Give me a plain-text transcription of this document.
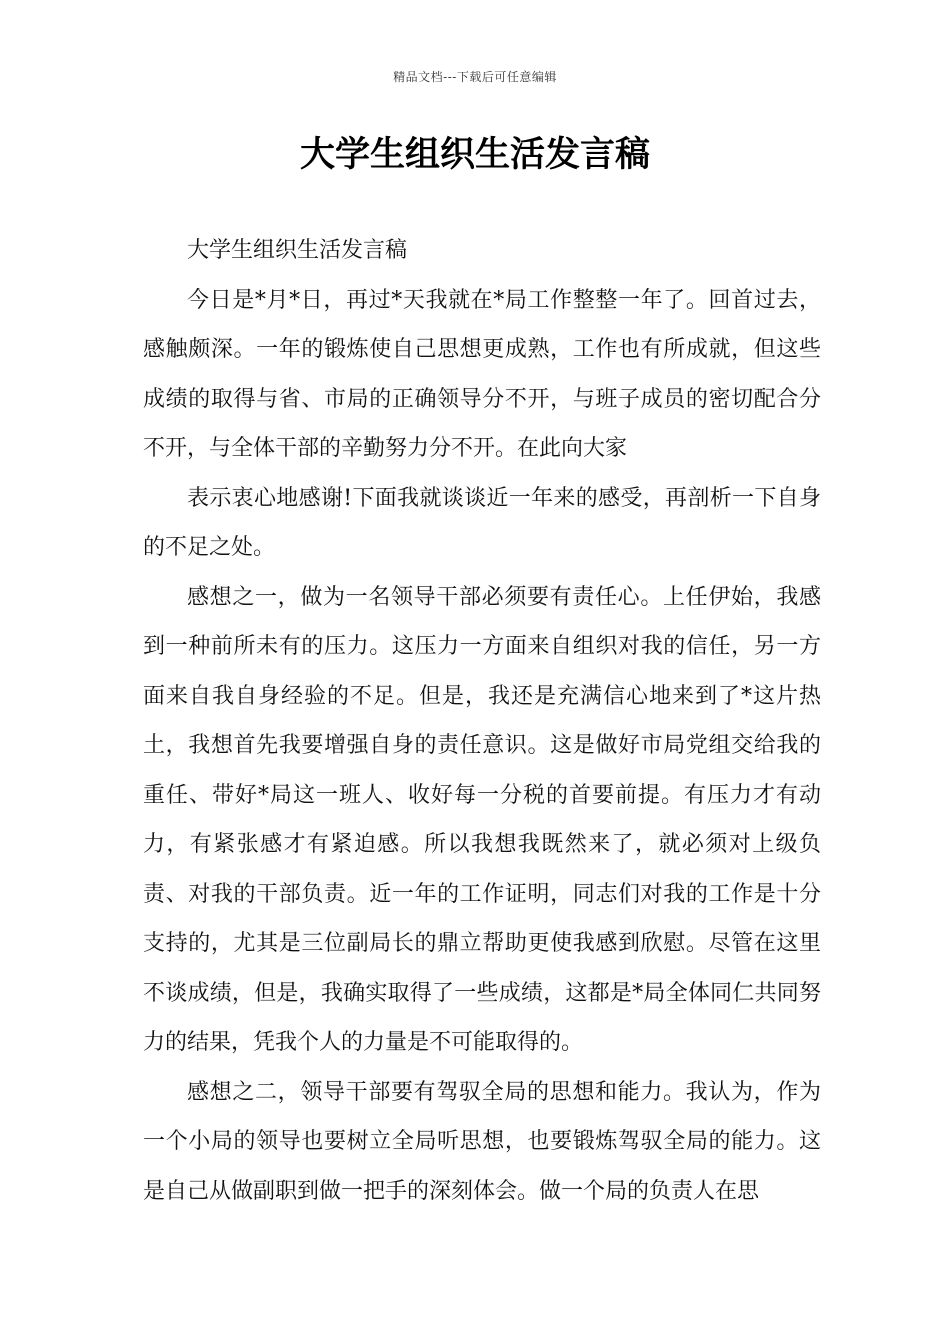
精品文档---下载后可任意编辑
大学生组织生活发言稿

大学生组织生活发言稿

今日是*月*日，再过*天我就在*局工作整整一年了。回首过去，感触颇深。一年的锻炼使自己思想更成熟，工作也有所成就，但这些成绩的取得与省、市局的正确领导分不开，与班子成员的密切配合分不开，与全体干部的辛勤努力分不开。在此向大家

表示衷心地感谢!下面我就谈谈近一年来的感受，再剖析一下自身的不足之处。

感想之一，做为一名领导干部必须要有责任心。上任伊始，我感到一种前所未有的压力。这压力一方面来自组织对我的信任，另一方面来自我自身经验的不足。但是，我还是充满信心地来到了*这片热土，我想首先我要增强自身的责任意识。这是做好市局党组交给我的重任、带好*局这一班人、收好每一分税的首要前提。有压力才有动力，有紧张感才有紧迫感。所以我想我既然来了，就必须对上级负责、对我的干部负责。近一年的工作证明，同志们对我的工作是十分支持的，尤其是三位副局长的鼎立帮助更使我感到欣慰。尽管在这里不谈成绩，但是，我确实取得了一些成绩，这都是*局全体同仁共同努力的结果，凭我个人的力量是不可能取得的。

感想之二，领导干部要有驾驭全局的思想和能力。我认为，作为一个小局的领导也要树立全局听思想，也要锻炼驾驭全局的能力。这是自己从做副职到做一把手的深刻体会。做一个局的负责人在思
